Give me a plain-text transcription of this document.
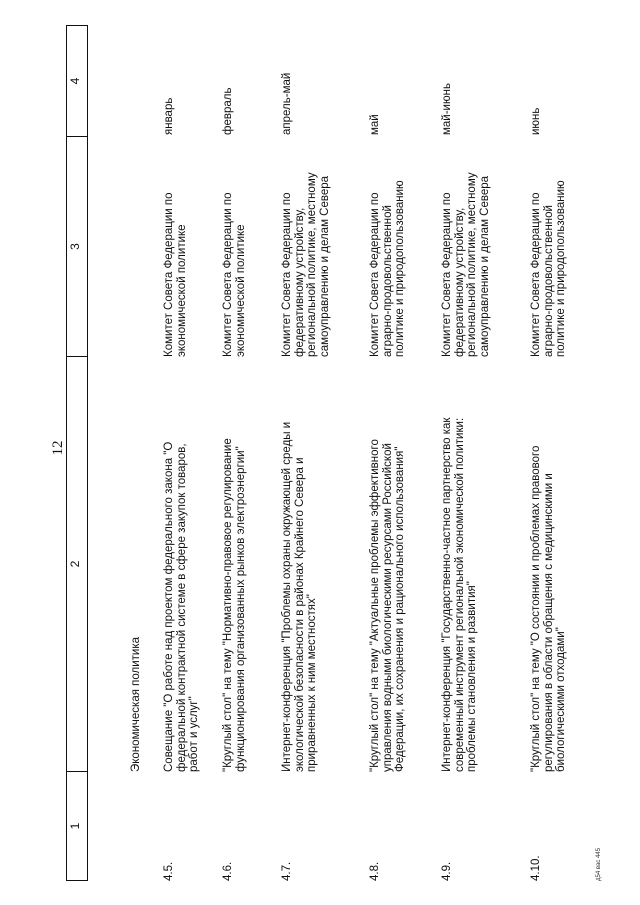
12
1
2
3
4
Экономическая политика
4.5.
Совещание "О работе над проектом федерального закона "О федеральной контрактной системе в сфере закупок товаров, работ и услуг"
Комитет Совета Федерации по экономической политике
январь
4.6.
"Круглый стол" на тему "Нормативно-правовое регулирование функционирования организованных рынков электроэнергии"
Комитет Совета Федерации по экономической политике
февраль
4.7.
Интернет-конференция "Проблемы охраны окружающей среды и экологической безопасности в районах Крайнего Севера и приравненных к ним местностях"
Комитет Совета Федерации по федеративному устройству, региональной политике, местному самоуправлению и делам Севера
апрель-май
4.8.
"Круглый стол" на тему "Актуальные проблемы эффективного управления водными биологическими ресурсами Российской Федерации, их сохранения и рационального использования"
Комитет Совета Федерации по аграрно-продовольственной политике и природопользованию
май
4.9.
Интернет-конференция "Государственно-частное партнерство как современный инструмент региональной экономической политики: проблемы становления и развития"
Комитет Совета Федерации по федеративному устройству, региональной политике, местному самоуправлению и делам Севера
май-июнь
4.10.
"Круглый стол" на тему "О состоянии и проблемах правового регулирования в области обращения с медицинскими и биологическими отходами"
Комитет Совета Федерации по аграрно-продовольственной политике и природопользованию
июнь
д54 вас 445
